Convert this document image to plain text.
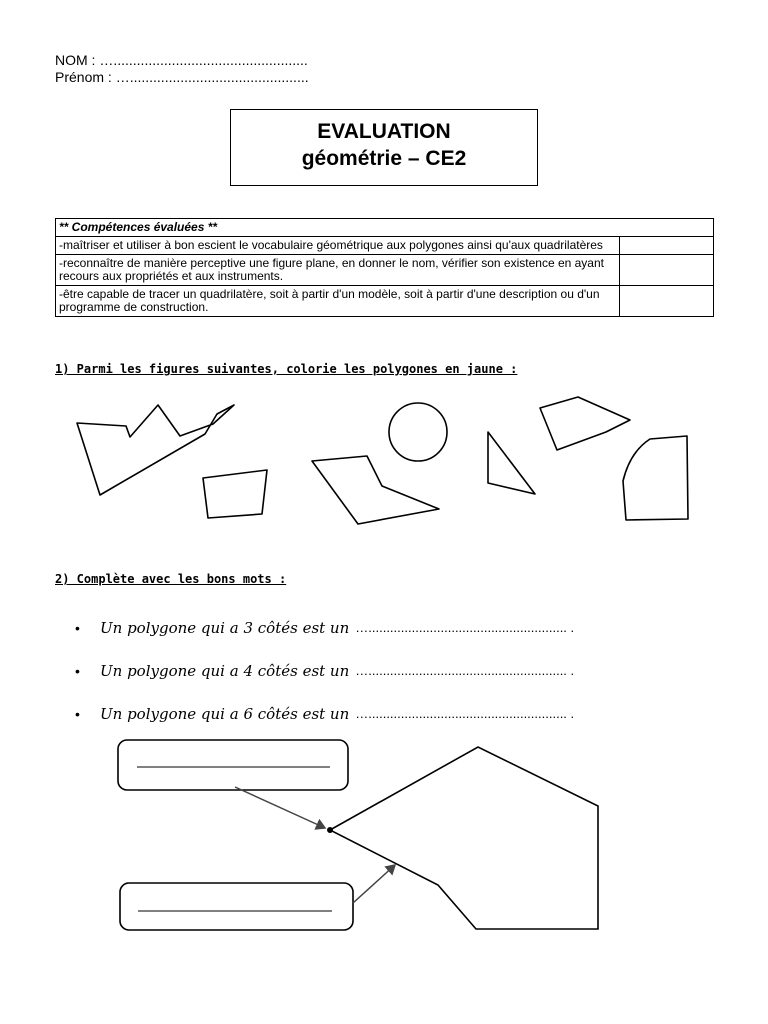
NOM : …..................................................
Prénom : …..............................................
EVALUATION
géométrie – CE2
** Compétences évaluées **	
-maîtriser et utiliser à bon escient le vocabulaire géométrique aux polygones ainsi qu'aux quadrilatères	
-reconnaître de manière perceptive une figure plane, en donner le nom, vérifier son existence en ayant recours aux propriétés et aux instruments.	
-être capable de tracer un quadrilatère, soit à partir d'un modèle, soit à partir d'une description ou d'un programme de construction.	
1) Parmi les figures suivantes, colorie les polygones en jaune :
2) Complète avec les bons mots :
•	Un polygone qui a 3 côtés est un …....................................................... .
•	Un polygone qui a 4 côtés est un …....................................................... .
•	Un polygone qui a 6 côtés est un …....................................................... .
